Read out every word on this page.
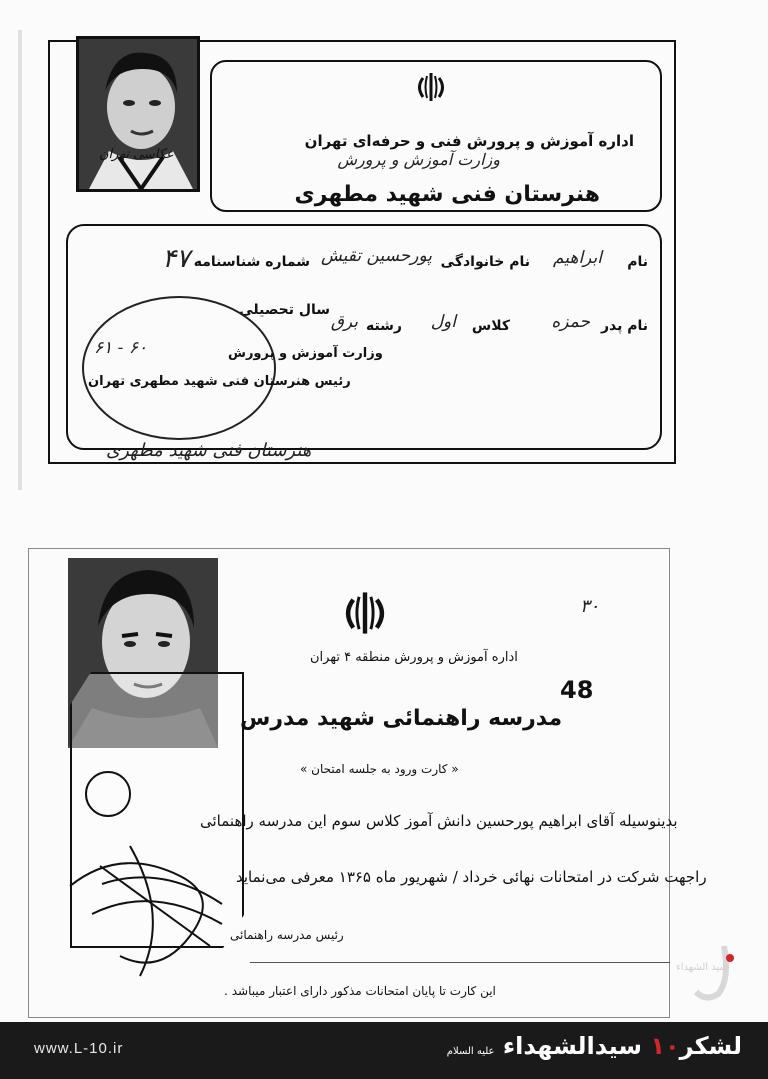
عکاسی تهران
اداره آموزش و پرورش فنی و حرفه‌ای تهران
وزارت آموزش و پرورش
هنرستان فنی شهید مطهری
نام
ابراهیم
نام خانوادگی
پورحسین تقیش
شماره شناسنامه
۴۷
نام پدر
حمزه
کلاس
اول
رشته
برق
سال تحصیلی
وزارت آموزش و پرورش
رئیس هنرستان فنی شهید مطهری تهران
۶۰ - ۶۱
هنرستان فنی شهید مطهری
۳۰
اداره آموزش و پرورش منطقه ۴ تهران
48
مدرسه راهنمائی شهید مدرس
« کارت ورود به جلسه امتحان »
بدینوسیله آقای ابراهیم پورحسین دانش آموز کلاس سوم این مدرسه راهنمائی
راجهت شرکت در امتحانات نهائی خرداد / شهریور ماه ۱۳۶۵ معرفی می‌نماید
رئیس مدرسه راهنمائی
این کارت تا پایان امتحانات مذکور دارای اعتبار میباشد .
سید الشهداء
www.L-10.ir	لشکر۱۰ سیدالشهداء علیه السلام
